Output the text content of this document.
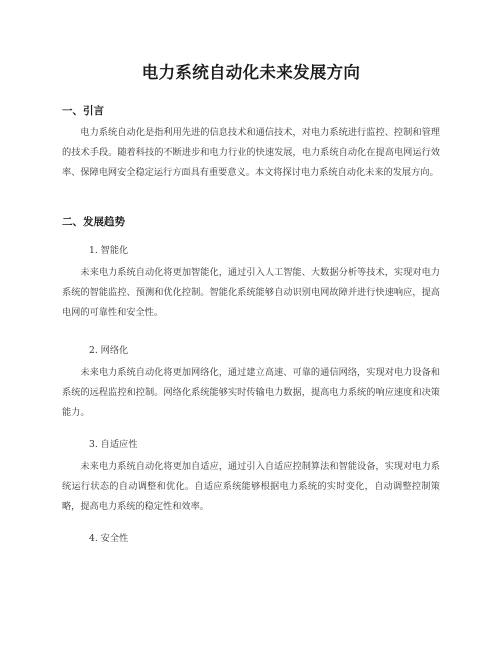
电力系统自动化未来发展方向
一、引言

电力系统自动化是指利用先进的信息技术和通信技术，对电力系统进行监控、控制和管理的技术手段。随着科技的不断进步和电力行业的快速发展，电力系统自动化在提高电网运行效率、保障电网安全稳定运行方面具有重要意义。本文将探讨电力系统自动化未来的发展方向。

二、发展趋势
1. 智能化

未来电力系统自动化将更加智能化，通过引入人工智能、大数据分析等技术，实现对电力系统的智能监控、预测和优化控制。智能化系统能够自动识别电网故障并进行快速响应，提高电网的可靠性和安全性。

2. 网络化

未来电力系统自动化将更加网络化，通过建立高速、可靠的通信网络，实现对电力设备和系统的远程监控和控制。网络化系统能够实时传输电力数据，提高电力系统的响应速度和决策能力。

3. 自适应性

未来电力系统自动化将更加自适应，通过引入自适应控制算法和智能设备，实现对电力系统运行状态的自动调整和优化。自适应系统能够根据电力系统的实时变化，自动调整控制策略，提高电力系统的稳定性和效率。

4. 安全性
